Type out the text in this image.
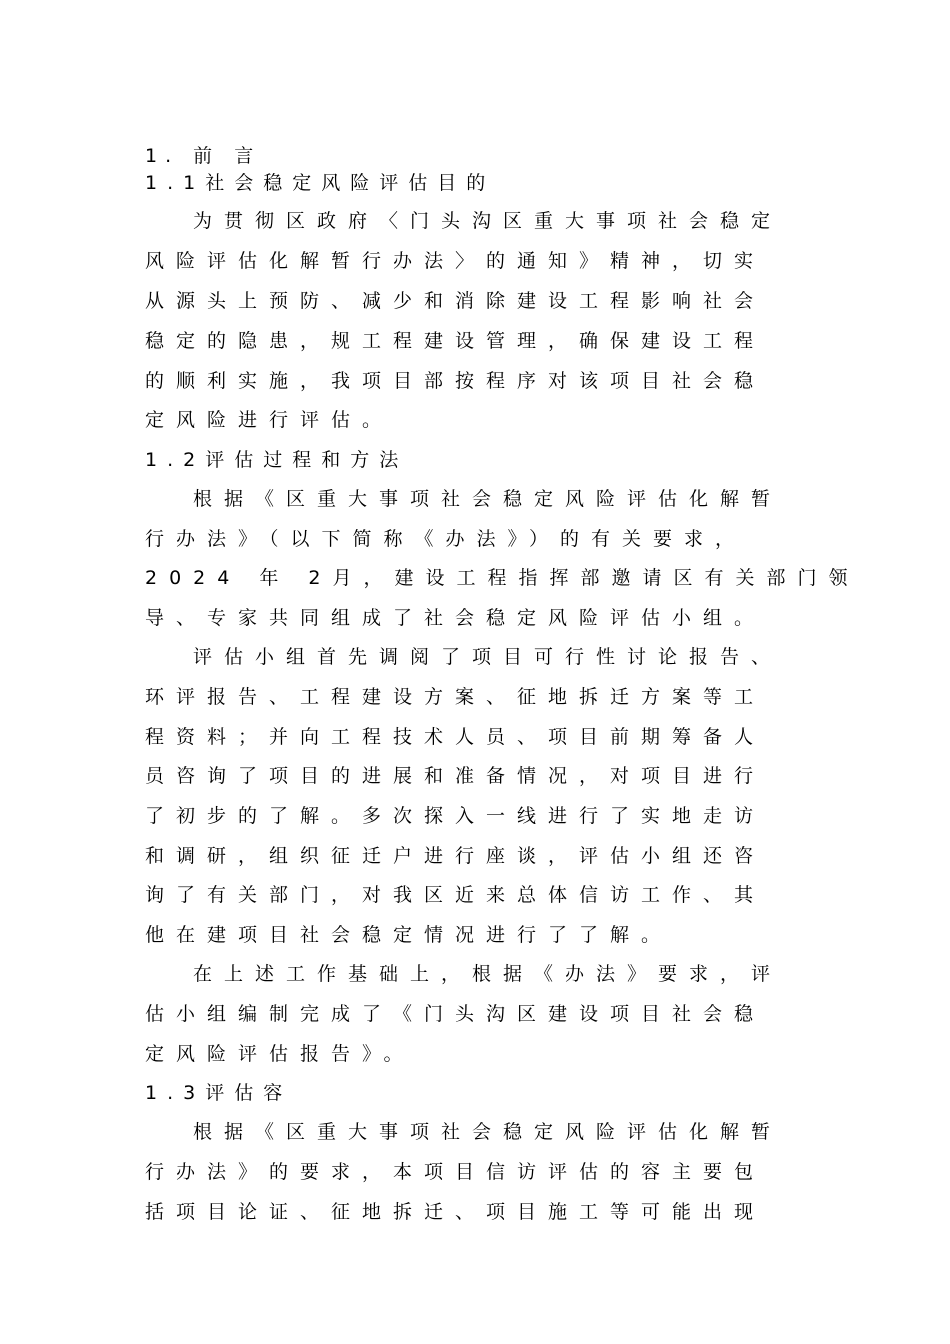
1. 前 言
1.1社会稳定风险评估目的
为贯彻区政府〈门头沟区重大事项社会稳定
风险评估化解暂行办法〉的通知》精神，切实
从源头上预防、减少和消除建设工程影响社会
稳定的隐患，规工程建设管理，确保建设工程
的顺利实施，我项目部按程序对该项目社会稳
定风险进行评估。
1.2评估过程和方法
根据《区重大事项社会稳定风险评估化解暂
行办法》（以下简称《办法》）的有关要求，
2024 年 2月，建设工程指挥部邀请区有关部门领
导、专家共同组成了社会稳定风险评估小组。
评估小组首先调阅了项目可行性讨论报告、
环评报告、工程建设方案、征地拆迁方案等工
程资料；并向工程技术人员、项目前期筹备人
员咨询了项目的进展和准备情况，对项目进行
了初步的了解。多次探入一线进行了实地走访
和调研，组织征迁户进行座谈，评估小组还咨
询了有关部门，对我区近来总体信访工作、其
他在建项目社会稳定情况进行了了解。
在上述工作基础上，根据《办法》要求，评
估小组编制完成了《门头沟区建设项目社会稳
定风险评估报告》。
1.3评估容
根据《区重大事项社会稳定风险评估化解暂
行办法》的要求，本项目信访评估的容主要包
括项目论证、征地拆迁、项目施工等可能出现
